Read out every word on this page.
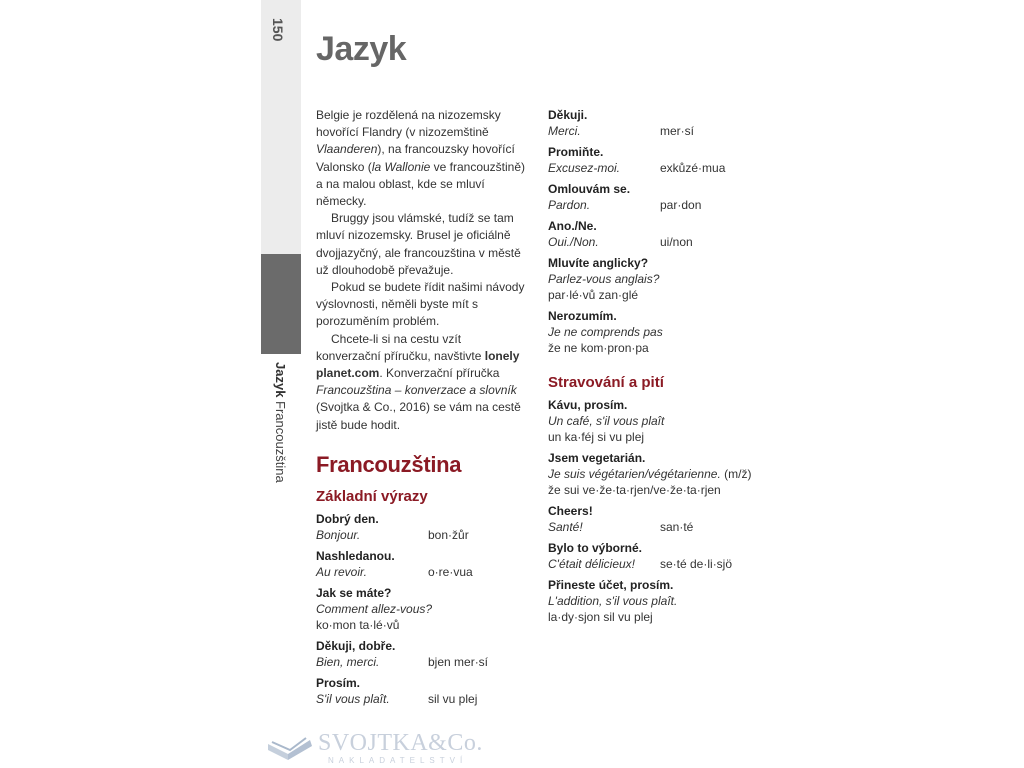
150
Jazyk Francouzština
Jazyk

Belgie je rozdělená na nizozemsky hovořící Flandry (v nizozemštině Vlaanderen), na francouzsky hovořící Valonsko (la Wallonie ve francouzštině) a na malou oblast, kde se mluví německy.

Bruggy jsou vlámské, tudíž se tam mluví nizozemsky. Brusel je oficiálně dvojjazyčný, ale francouzština v městě už dlouhodobě převažuje.

Pokud se budete řídit našimi návody výslovnosti, něměli byste mít s porozuměním problém.

Chcete-li si na cestu vzít konverzační příručku, navštivte lonely planet.com. Konverzační příručka Francouzština – konverzace a slovník (Svojtka & Co., 2016) se vám na cestě jistě bude hodit.

Francouzština
Základní výrazy
Dobrý den.
Bonjour.	bon·žůr
Nashledanou.
Au revoir.	o·re·vua
Jak se máte?
Comment allez-vous?
ko·mon ta·lé·vů
Děkuji, dobře.
Bien, merci.	bjen mer·sí
Prosím.
S'il vous plaît.	sil vu plej
Děkuji.
Merci.	mer·sí
Promiňte.
Excusez-moi.	exkůzé·mua
Omlouvám se.
Pardon.	par·don
Ano./Ne.
Oui./Non.	ui/non
Mluvíte anglicky?
Parlez-vous anglais?
par·lé·vů zan·glé
Nerozumím.
Je ne comprends pas
že ne kom·pron·pa
Stravování a pití
Kávu, prosím.
Un café, s'il vous plaît
un ka·féj si vu plej
Jsem vegetarián.
Je suis végétarien/végétarienne. (m/ž)
že sui ve·že·ta·rjen/ve·že·ta·rjen
Cheers!
Santé!	san·té
Bylo to výborné.
C'était délicieux!	se·té de·li·sjö
Přineste účet, prosím.
L'addition, s'il vous plaît.
la·dy·sjon sil vu plej
SVOJTKA&Co.
NAKLADATELSTVÍ
